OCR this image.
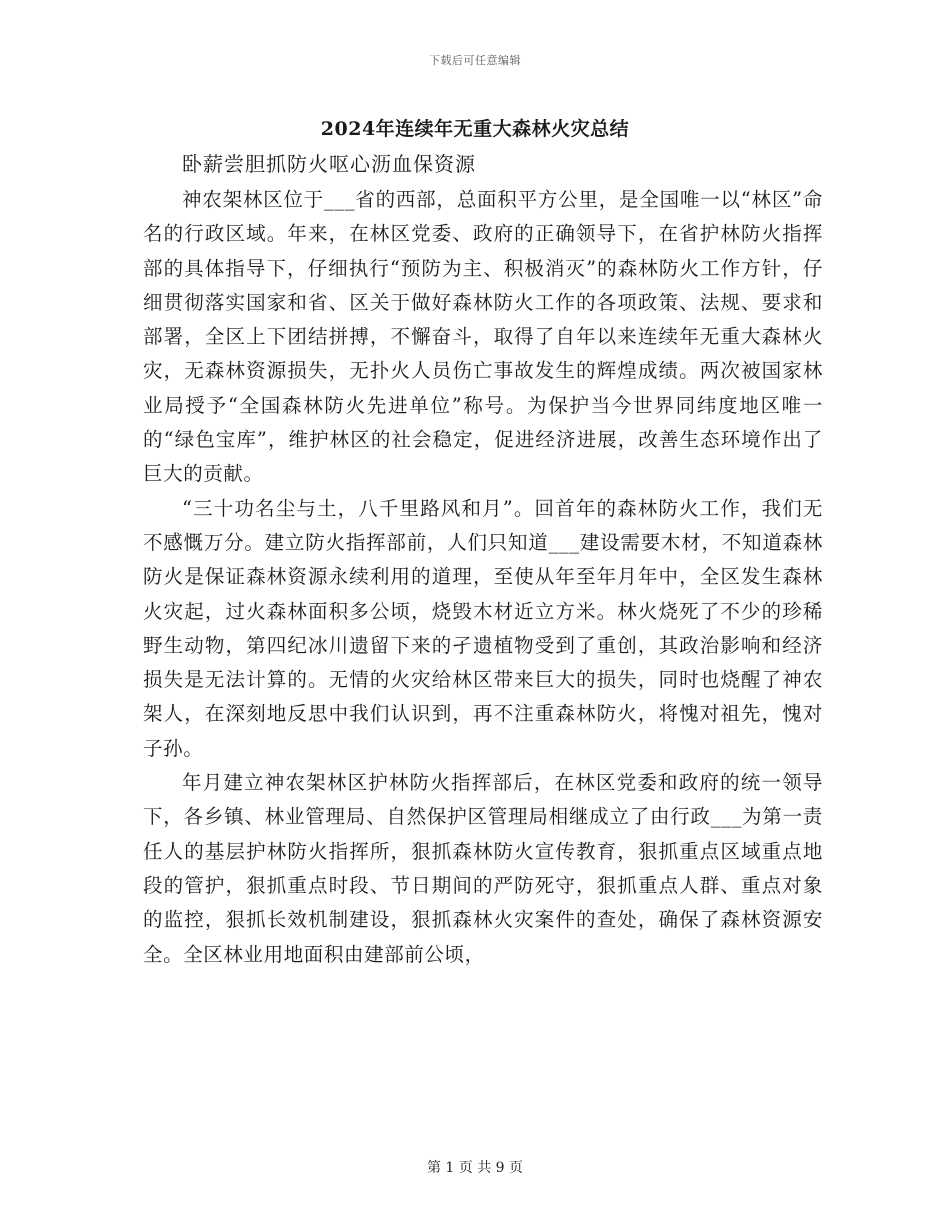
下载后可任意编辑
2024年连续年无重大森林火灾总结
卧薪尝胆抓防火呕心沥血保资源

神农架林区位于___省的西部，总面积平方公里，是全国唯一以“林区”命名的行政区域。年来，在林区党委、政府的正确领导下，在省护林防火指挥部的具体指导下，仔细执行“预防为主、积极消灭”的森林防火工作方针，仔细贯彻落实国家和省、区关于做好森林防火工作的各项政策、法规、要求和部署，全区上下团结拼搏，不懈奋斗，取得了自年以来连续年无重大森林火灾，无森林资源损失，无扑火人员伤亡事故发生的辉煌成绩。两次被国家林业局授予“全国森林防火先进单位”称号。为保护当今世界同纬度地区唯一的“绿色宝库”，维护林区的社会稳定，促进经济进展，改善生态环境作出了巨大的贡献。

“三十功名尘与土，八千里路风和月”。回首年的森林防火工作，我们无不感慨万分。建立防火指挥部前，人们只知道___建设需要木材，不知道森林防火是保证森林资源永续利用的道理，至使从年至年月年中，全区发生森林火灾起，过火森林面积多公顷，烧毁木材近立方米。林火烧死了不少的珍稀野生动物，第四纪冰川遗留下来的孑遗植物受到了重创，其政治影响和经济损失是无法计算的。无情的火灾给林区带来巨大的损失，同时也烧醒了神农架人，在深刻地反思中我们认识到，再不注重森林防火，将愧对祖先，愧对子孙。

年月建立神农架林区护林防火指挥部后，在林区党委和政府的统一领导下，各乡镇、林业管理局、自然保护区管理局相继成立了由行政___为第一责任人的基层护林防火指挥所，狠抓森林防火宣传教育，狠抓重点区域重点地段的管护，狠抓重点时段、节日期间的严防死守，狠抓重点人群、重点对象的监控，狠抓长效机制建设，狠抓森林火灾案件的查处，确保了森林资源安全。全区林业用地面积由建部前公顷，

第 1 页 共 9 页
